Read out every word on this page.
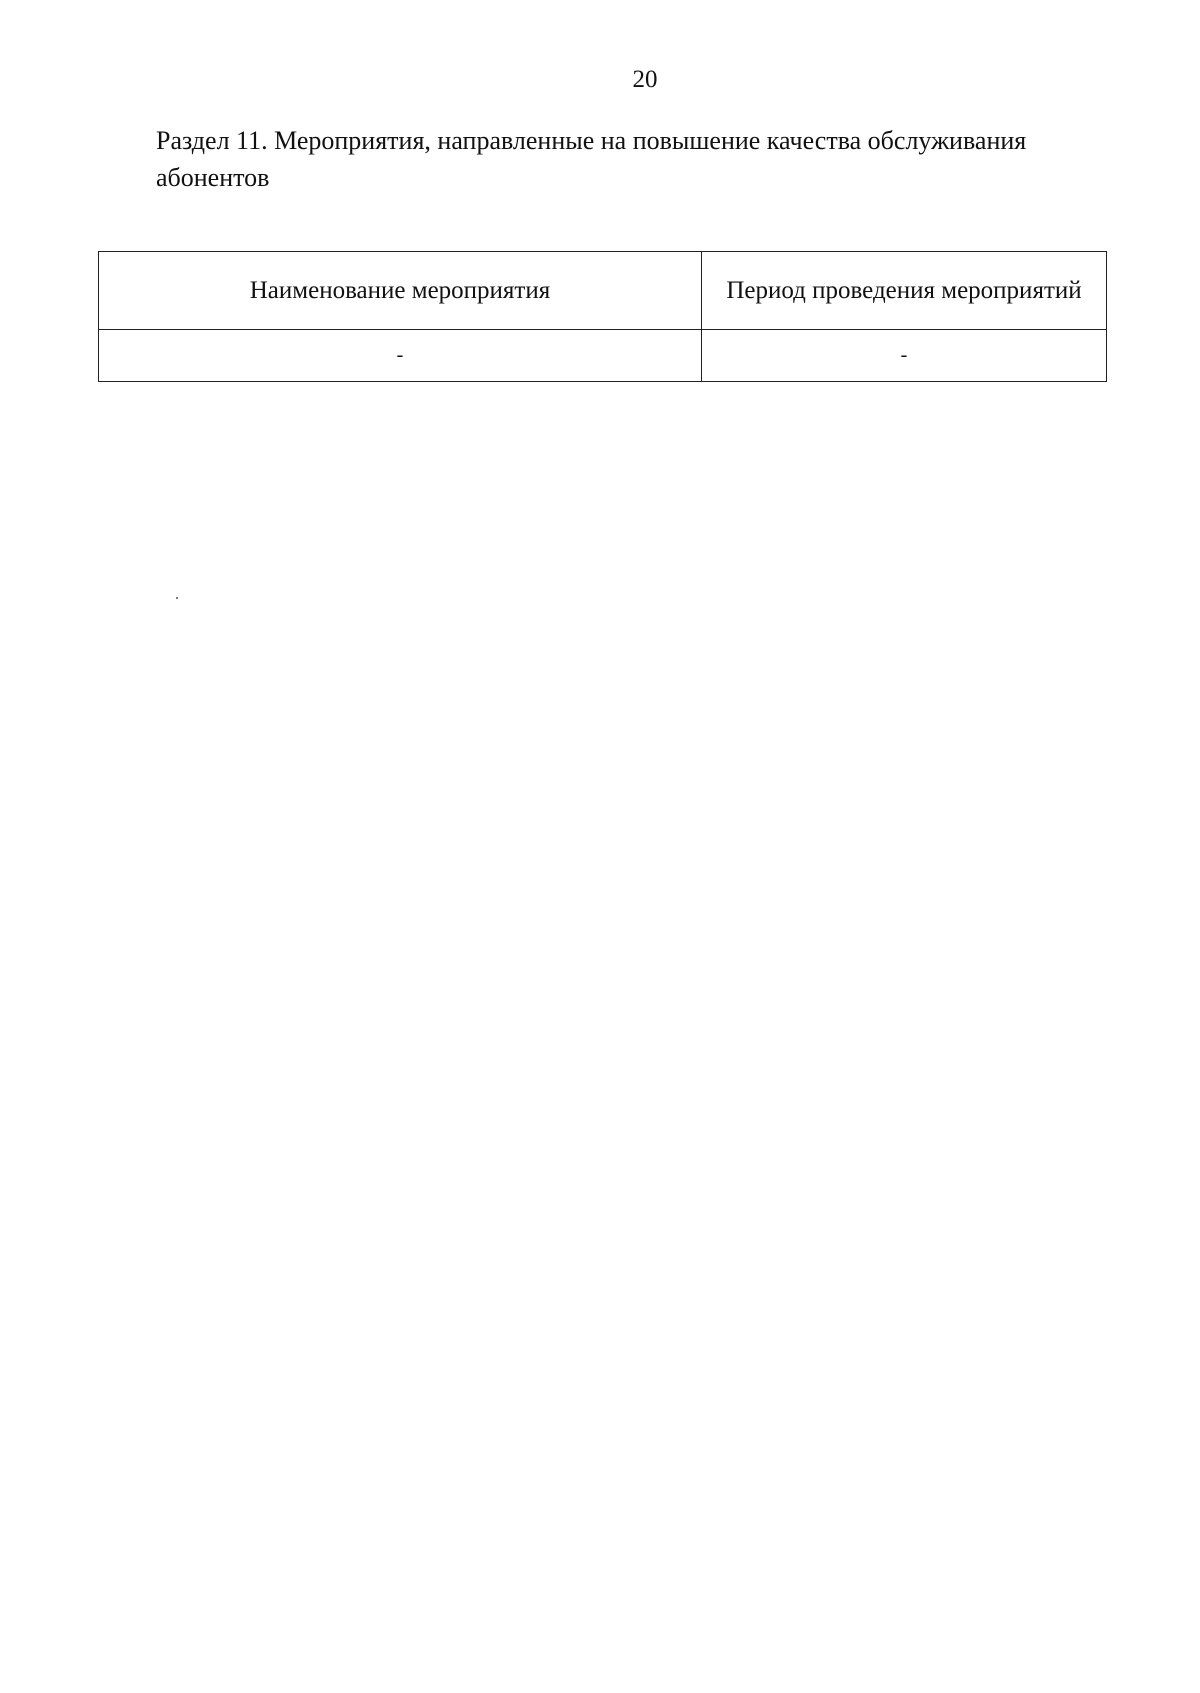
20
Раздел 11. Мероприятия, направленные на повышение качества обслуживания абонентов
Наименование мероприятия	Период проведения мероприятий
-	-
